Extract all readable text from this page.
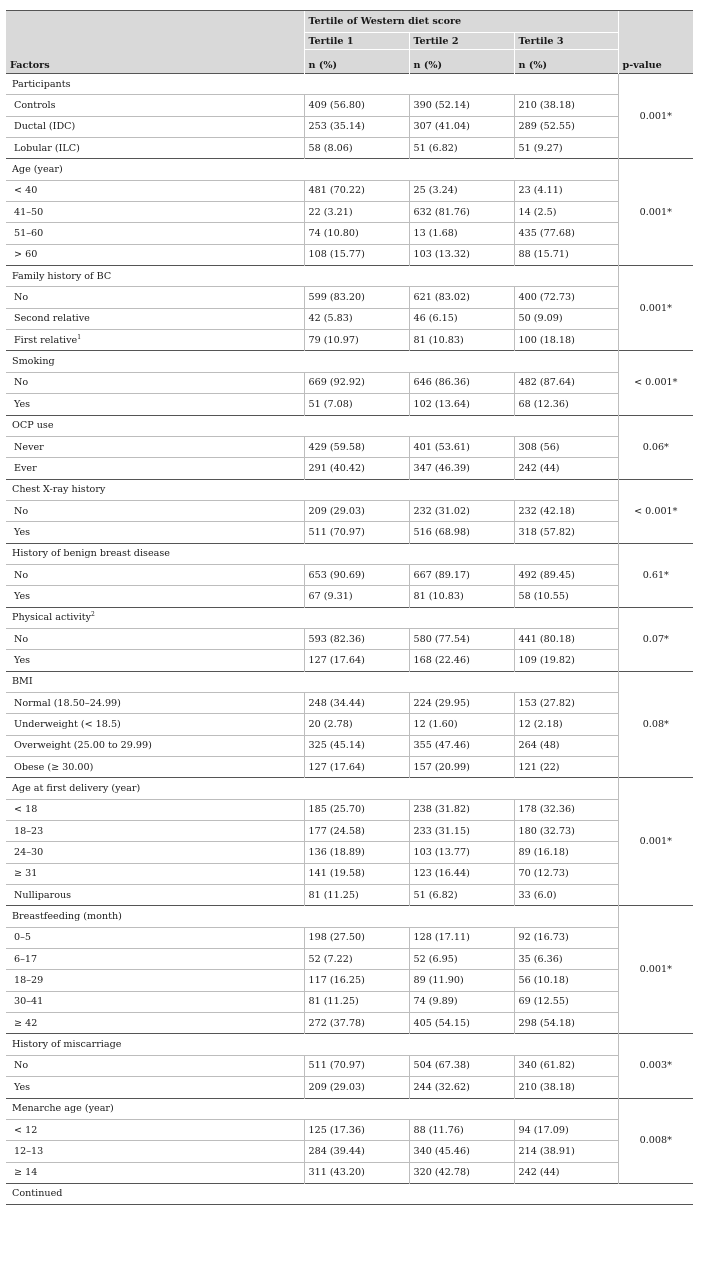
Factors	Tertile of Western diet score			p-value
	Tertile 1	Tertile 2	Tertile 3	
	n (%)	n (%)	n (%)	
Participants				0.001*
Controls	409 (56.80)	390 (52.14)	210 (38.18)	
Ductal (IDC)	253 (35.14)	307 (41.04)	289 (52.55)	
Lobular (ILC)	58 (8.06)	51 (6.82)	51 (9.27)	
Age (year)				0.001*
< 40	481 (70.22)	25 (3.24)	23 (4.11)	
41–50	22 (3.21)	632 (81.76)	14 (2.5)	
51–60	74 (10.80)	13 (1.68)	435 (77.68)	
> 60	108 (15.77)	103 (13.32)	88 (15.71)	
Family history of BC				0.001*
No	599 (83.20)	621 (83.02)	400 (72.73)	
Second relative	42 (5.83)	46 (6.15)	50 (9.09)	
First relative$^1$	79 (10.97)	81 (10.83)	100 (18.18)	
Smoking				< 0.001*
No	669 (92.92)	646 (86.36)	482 (87.64)	
Yes	51 (7.08)	102 (13.64)	68 (12.36)	
OCP use				0.06*
Never	429 (59.58)	401 (53.61)	308 (56)	
Ever	291 (40.42)	347 (46.39)	242 (44)	
Chest X-ray history				< 0.001*
No	209 (29.03)	232 (31.02)	232 (42.18)	
Yes	511 (70.97)	516 (68.98)	318 (57.82)	
History of benign breast disease				0.61*
No	653 (90.69)	667 (89.17)	492 (89.45)	
Yes	67 (9.31)	81 (10.83)	58 (10.55)	
Physical activity$^2$				0.07*
No	593 (82.36)	580 (77.54)	441 (80.18)	
Yes	127 (17.64)	168 (22.46)	109 (19.82)	
BMI				0.08*
Normal (18.50–24.99)	248 (34.44)	224 (29.95)	153 (27.82)	
Underweight (< 18.5)	20 (2.78)	12 (1.60)	12 (2.18)	
Overweight (25.00 to 29.99)	325 (45.14)	355 (47.46)	264 (48)	
Obese (≥ 30.00)	127 (17.64)	157 (20.99)	121 (22)	
Age at first delivery (year)				0.001*
< 18	185 (25.70)	238 (31.82)	178 (32.36)	
18–23	177 (24.58)	233 (31.15)	180 (32.73)	
24–30	136 (18.89)	103 (13.77)	89 (16.18)	
≥ 31	141 (19.58)	123 (16.44)	70 (12.73)	
Nulliparous	81 (11.25)	51 (6.82)	33 (6.0)	
Breastfeeding (month)				0.001*
0–5	198 (27.50)	128 (17.11)	92 (16.73)	
6–17	52 (7.22)	52 (6.95)	35 (6.36)	
18–29	117 (16.25)	89 (11.90)	56 (10.18)	
30–41	81 (11.25)	74 (9.89)	69 (12.55)	
≥ 42	272 (37.78)	405 (54.15)	298 (54.18)	
History of miscarriage				0.003*
No	511 (70.97)	504 (67.38)	340 (61.82)	
Yes	209 (29.03)	244 (32.62)	210 (38.18)	
Menarche age (year)				0.008*
< 12	125 (17.36)	88 (11.76)	94 (17.09)	
12–13	284 (39.44)	340 (45.46)	214 (38.91)	
≥ 14	311 (43.20)	320 (42.78)	242 (44)	
Continued				
